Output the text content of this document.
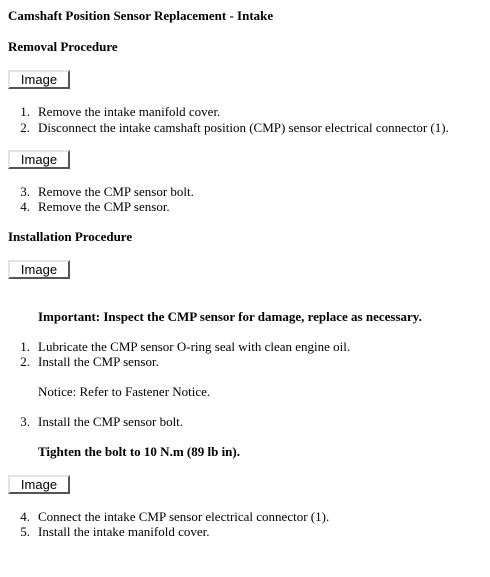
Camshaft Position Sensor Replacement - Intake
Removal Procedure
Image
1. Remove the intake manifold cover.
2. Disconnect the intake camshaft position (CMP) sensor electrical connector (1).
Image
3. Remove the CMP sensor bolt.
4. Remove the CMP sensor.
Installation Procedure
Image
Important: Inspect the CMP sensor for damage, replace as necessary.
1. Lubricate the CMP sensor O-ring seal with clean engine oil.
2. Install the CMP sensor.
Notice: Refer to Fastener Notice.
3. Install the CMP sensor bolt.
Tighten the bolt to 10 N.m (89 lb in).
Image
4. Connect the intake CMP sensor electrical connector (1).
5. Install the intake manifold cover.
